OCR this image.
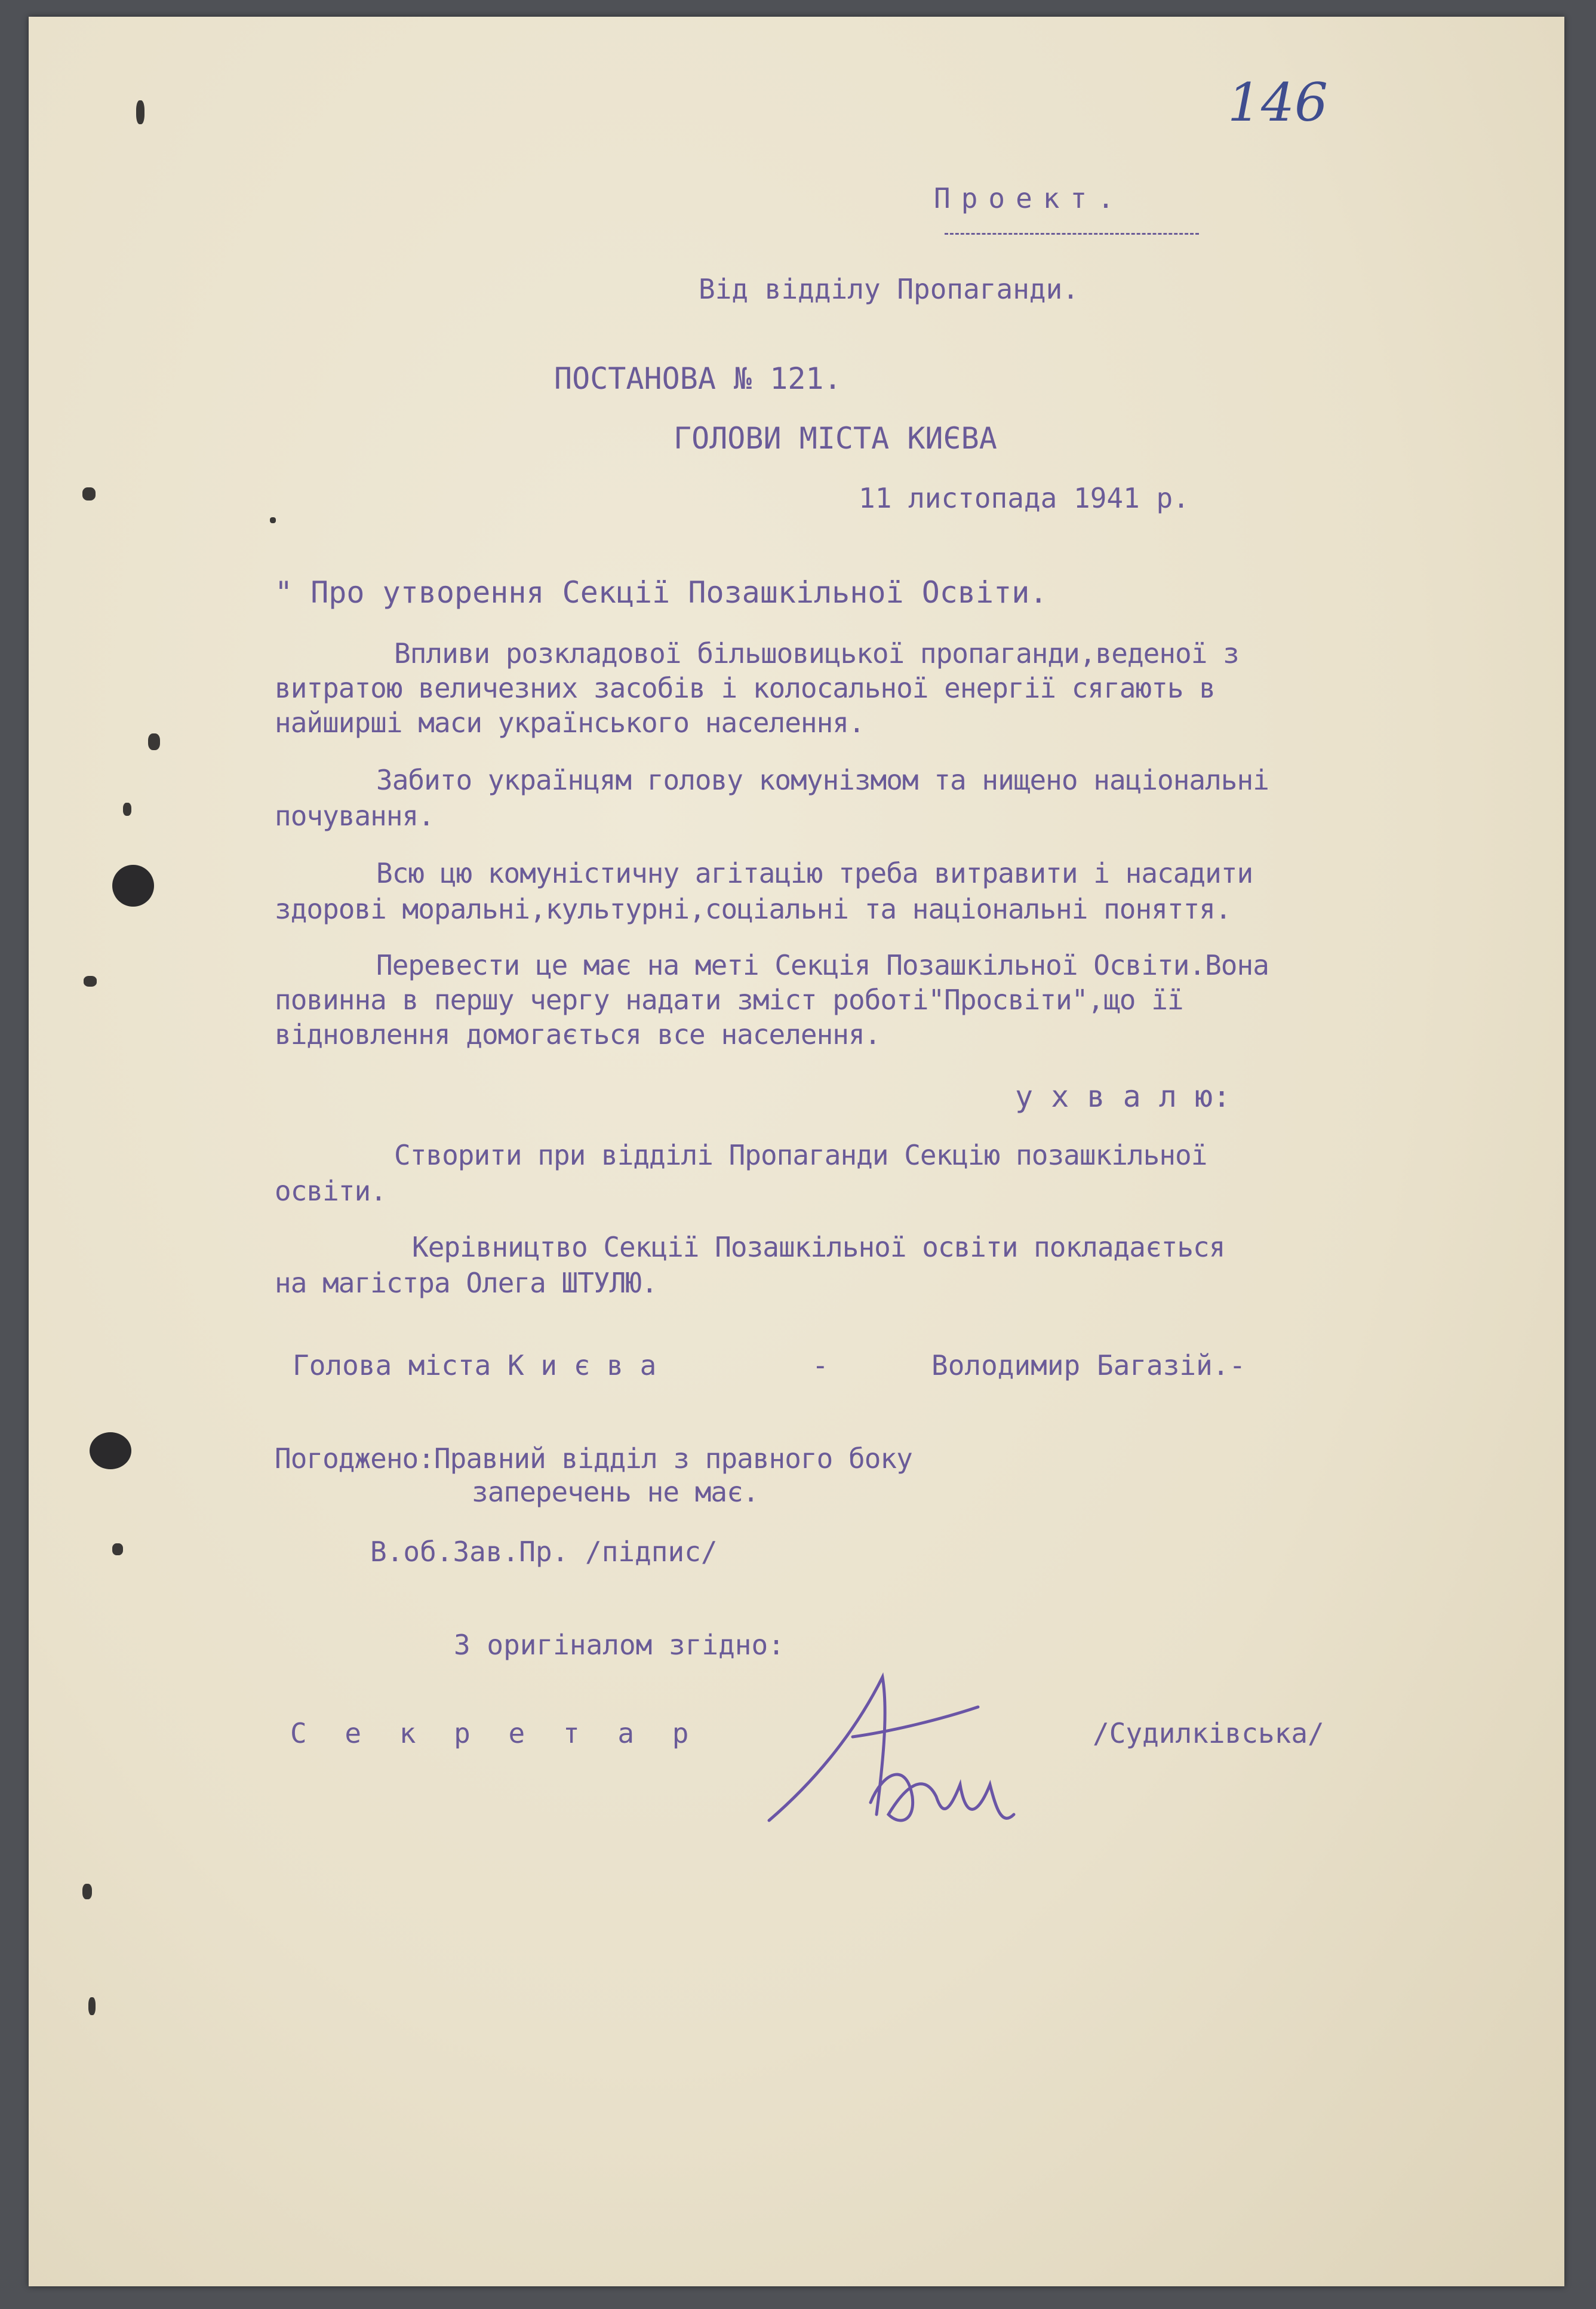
146
Проект.
Від відділу Пропаганди.
ПОСТАНОВА № 121.
ГОЛОВИ МІСТА КИЄВА
11 листопада 1941 р.
" Про утворення Секції Позашкільної Освіти.
Впливи розкладової більшовицької пропаганди,веденої з
витратою величезних засобів і колосальної енергії сягають в
найширші маси українського населення.
Забито українцям голову комунізмом та нищено національні
почування.
Всю цю комуністичну агітацію треба витравити і насадити
здорові моральні,культурні,соціальні та національні поняття.
Перевести це має на меті Секція Позашкільної Освіти.Вона
повинна в першу чергу надати зміст роботі"Просвіти",що її
відновлення домогається все населення.
у х в а л ю:
Створити при відділі Пропаганди Секцію позашкільної
освіти.
Керівництво Секції Позашкільної освіти покладається
на магістра Олега ШТУЛЮ.
Голова міста К и є в а	-	Володимир Багазій.-
Погоджено:Правний відділ з правного боку
заперечень не має.
В.об.Зав.Пр. /підпис/
З оригіналом згідно:
С е к р е т а р	/Судилківська/
